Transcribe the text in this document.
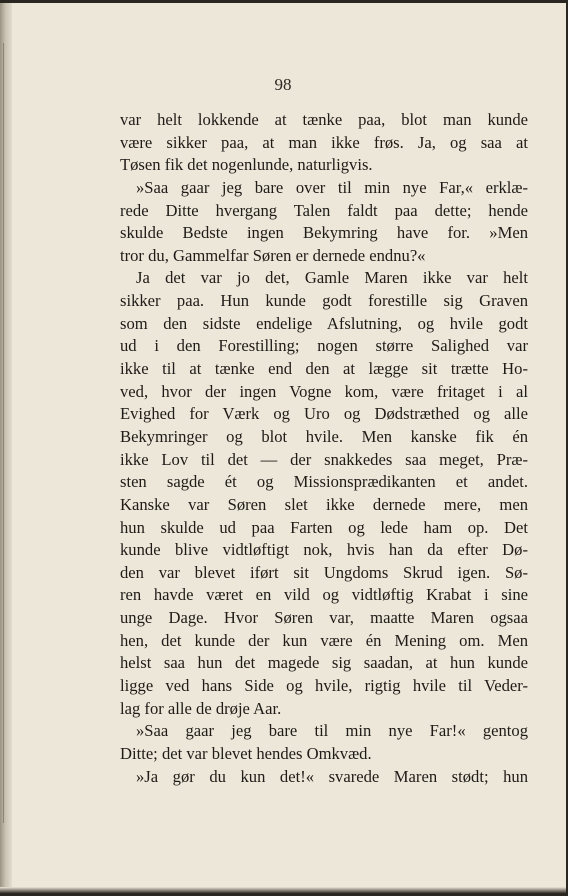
98
var helt lokkende at tænke paa, blot man kunde
være sikker paa, at man ikke frøs. Ja, og saa at
Tøsen fik det nogenlunde, naturligvis.
»Saa gaar jeg bare over til min nye Far,« erklæ-
rede Ditte hvergang Talen faldt paa dette; hende
skulde Bedste ingen Bekymring have for. »Men
tror du, Gammelfar Søren er dernede endnu?«
Ja det var jo det, Gamle Maren ikke var helt
sikker paa. Hun kunde godt forestille sig Graven
som den sidste endelige Afslutning, og hvile godt
ud i den Forestilling; nogen større Salighed var
ikke til at tænke end den at lægge sit trætte Ho-
ved, hvor der ingen Vogne kom, være fritaget i al
Evighed for Værk og Uro og Dødstræthed og alle
Bekymringer og blot hvile. Men kanske fik én
ikke Lov til det — der snakkedes saa meget, Præ-
sten sagde ét og Missionsprædikanten et andet.
Kanske var Søren slet ikke dernede mere, men
hun skulde ud paa Farten og lede ham op. Det
kunde blive vidtløftigt nok, hvis han da efter Dø-
den var blevet iført sit Ungdoms Skrud igen. Sø-
ren havde været en vild og vidtløftig Krabat i sine
unge Dage. Hvor Søren var, maatte Maren ogsaa
hen, det kunde der kun være én Mening om. Men
helst saa hun det magede sig saadan, at hun kunde
ligge ved hans Side og hvile, rigtig hvile til Veder-
lag for alle de drøje Aar.
»Saa gaar jeg bare til min nye Far!« gentog
Ditte; det var blevet hendes Omkvæd.
»Ja gør du kun det!« svarede Maren stødt; hun
